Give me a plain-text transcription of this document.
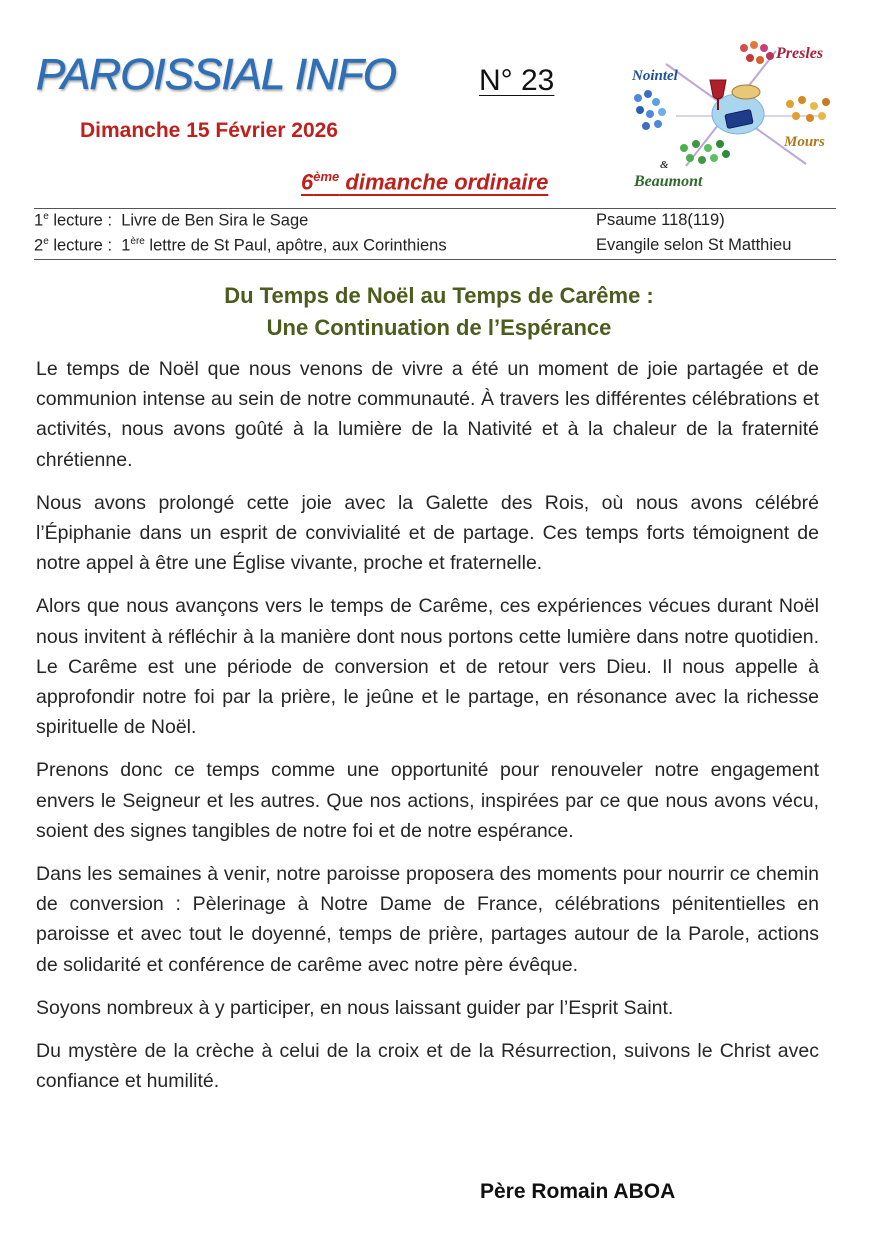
PAROISSIAL INFO	N° 23
Dimanche 15 Février 2026
6ème dimanche ordinaire
Nointel
Presles
Mours
&
Beaumont
1e lecture : Livre de Ben Sira le Sage	Psaume 118(119)
2e lecture : 1ère lettre de St Paul, apôtre, aux Corinthiens	Evangile selon St Matthieu
Du Temps de Noël au Temps de Carême :
Une Continuation de l’Espérance

Le temps de Noël que nous venons de vivre a été un moment de joie partagée et de communion intense au sein de notre communauté. À travers les différentes célébrations et activités, nous avons goûté à la lumière de la Nativité et à la chaleur de la fraternité chrétienne.

Nous avons prolongé cette joie avec la Galette des Rois, où nous avons célébré l’Épiphanie dans un esprit de convivialité et de partage. Ces temps forts témoignent de notre appel à être une Église vivante, proche et fraternelle.

Alors que nous avançons vers le temps de Carême, ces expériences vécues durant Noël nous invitent à réfléchir à la manière dont nous portons cette lumière dans notre quotidien. Le Carême est une période de conversion et de retour vers Dieu. Il nous appelle à approfondir notre foi par la prière, le jeûne et le partage, en résonance avec la richesse spirituelle de Noël.

Prenons donc ce temps comme une opportunité pour renouveler notre engagement envers le Seigneur et les autres. Que nos actions, inspirées par ce que nous avons vécu, soient des signes tangibles de notre foi et de notre espérance.

Dans les semaines à venir, notre paroisse proposera des moments pour nourrir ce chemin de conversion : Pèlerinage à Notre Dame de France, célébrations pénitentielles en paroisse et avec tout le doyenné, temps de prière, partages autour de la Parole, actions de solidarité et conférence de carême avec notre père évêque.

Soyons nombreux à y participer, en nous laissant guider par l’Esprit Saint.

Du mystère de la crèche à celui de la croix et de la Résurrection, suivons le Christ avec confiance et humilité.

Père Romain ABOA
